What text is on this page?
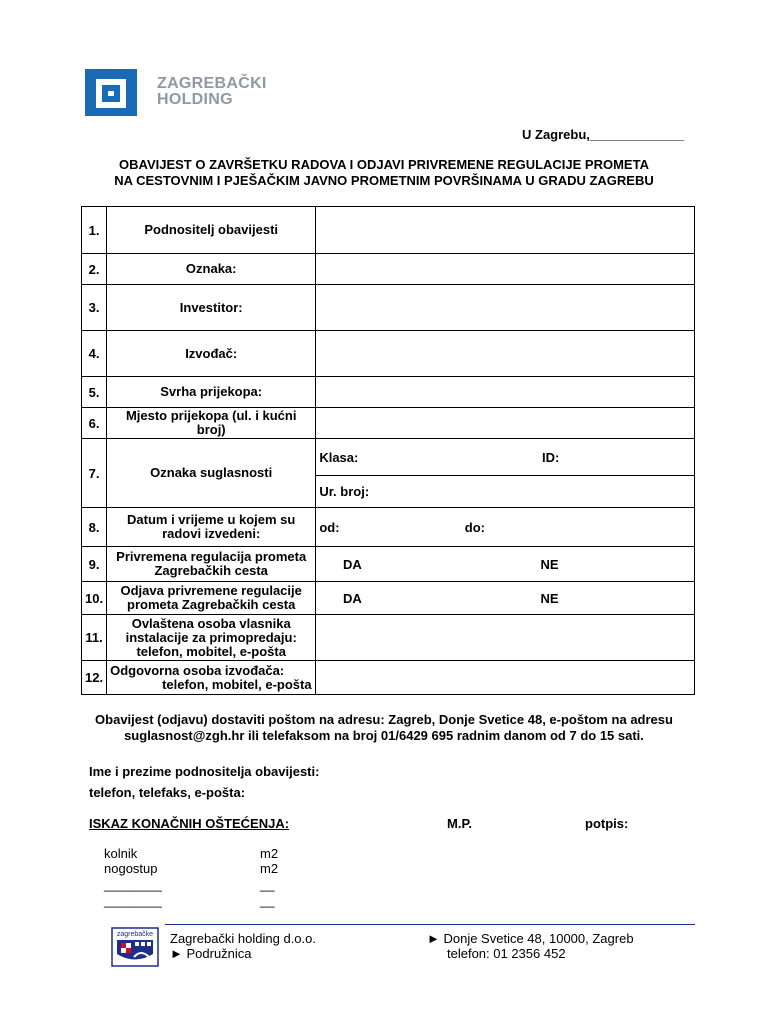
ZAGREBAČKI
HOLDING
U Zagrebu,_____________
OBAVIJEST O ZAVRŠETKU RADOVA I ODJAVI PRIVREMENE REGULACIJE PROMETA
NA CESTOVNIM I PJEŠAČKIM JAVNO PROMETNIM POVRŠINAMA U GRADU ZAGREBU
1.	Podnositelj obavijesti	
2.	Oznaka:	
3.	Investitor:	
4.	Izvođač:	
5.	Svrha prijekopa:	
6.	Mjesto prijekopa (ul. i kućni broj)	
7.	Oznaka suglasnosti	Klasa: ID:

		Ur. broj:
8.	Datum i vrijeme u kojem su radovi izvedeni:	od: do:
9.	Privremena regulacija prometa Zagrebačkih cesta	DA NE
10.	Odjava privremene regulacije prometa Zagrebačkih cesta	DA NE
11.	Ovlaštena osoba vlasnika
instalacije za primopredaju:
telefon, mobitel, e-pošta	

12.	Odgovorna osoba izvođača:
telefon, mobitel, e-pošta	

Obavijest (odjavu) dostaviti poštom na adresu: Zagreb, Donje Svetice 48, e-poštom na adresu
suglasnost@zgh.hr ili telefaksom na broj 01/6429 695 radnim danom od 7 do 15 sati.
Ime i prezime podnositelja obavijesti:
telefon, telefaks, e-pošta:
ISKAZ KONAČNIH OŠTEĆENJA:	M.P.	potpis:
kolnik	m2
nogostup	m2
________	__
________	__
zagrebačke Zagrebački holding d.o.o.
► Podružnica
► Donje Svetice 48, 10000, Zagreb
telefon: 01 2356 452
